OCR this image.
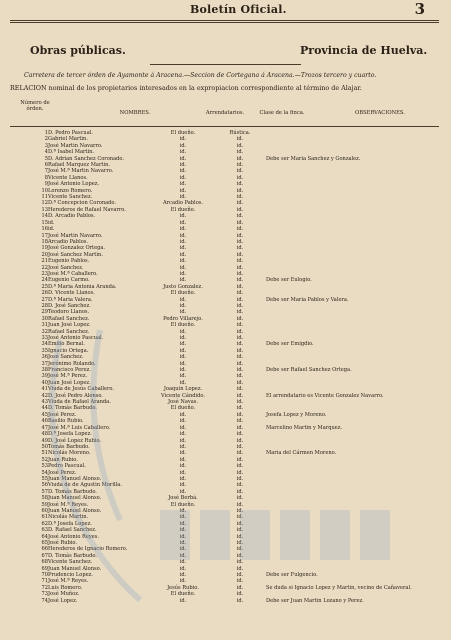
Boletín Oficial.	3
Obras públicas.	Provincia de Huelva.
Carretera de tercer órden de Ayamonte á Aracena.—Seccion de Cortegana á Aracena.—Trozos tercero y cuarto.
RELACION nominal de los propietarios interesados en la expropiacion correspondiente al término de Alajar.
Número de órden.
NOMBRES.	Arrendatarios.	Clase de la finca.	OBSERVACIONES.
1	D. Pedro Pascual.	El dueño.	Rústica.	
2	Gabriel Martin.	id.	id.	
3	José Martin Navarro.	id.	id.	
4	D.ª Isabel Martin.	id.	id.	
5	D. Adrian Sanchez Coronado.	id.	id.	Debe ser Maria Sanchez y Gonzalez.
6	Rafael Marquez Martin.	id.	id.	
7	José M.ª Martin Navarro.	id.	id.	
8	Vicente Llanos.	id.	id.	
9	José Antonio Lopez.	id.	id.	
10	Lorenzo Romero.	id.	id.	
11	Vicente Sanchez.	id.	id.	
12	D.ª Concepcion Coronado.	Arcadio Pablos.	id.	
13	Herederos de Rafael Navarro.	El dueño.	id.	
14	D. Arcadio Pablos.	id.	id.	
15	id.	id.	id.	
16	id.	id.	id.	
17	José Martin Navarro.	id.	id.	
18	Arcadio Pablos.	id.	id.	
19	José Gonzalez Ortega.	id.	id.	
20	José Sanchez Martin.	id.	id.	
21	Eugenio Pablos.	id.	id.	
22	José Sanchez.	id.	id.	
23	José M.ª Caballero.	id.	id.	
24	Eugenio Carmo.	id.	id.	Debe ser Eulogio.
25	D.ª Maria Antonia Aranda.	Justo Gonzalez.	id.	
26	D. Vicente Llanos.	El dueño.	id.	
27	D.ª Maria Valera.	id.	id.	Debe ser Maria Pablos y Valera.
28	D. José Sanchez.	id.	id.	
29	Teodoro Llanos.	id.	id.	
30	Rafael Sanchez.	Pedro Villarejo.	id.	
31	Juan José Lopez.	El dueño.	id.	
32	Rafael Sanchez.	id.	id.	
33	José Antonio Pascual.	id.	id.	
34	Emilio Bernal.	id.	id.	Debe ser Emigdio.
35	Ignacio Ortega.	id.	id.	
36	José Sanchez.	id.	id.	
37	Jerónimo Rolando.	id.	id.	
38	Francisco Perez.	id.	id.	Debe ser Rafael Sanchez Ortega.
39	José M.ª Perez.	id.	id.	
40	Juan José Lopez.	id.	id.	
41	Viuda de Jesús Caballero.	Joaquin Lopez.	id.	
42	D. José Pedro Alonso.	Vicente Cándido.	id.	El arrendatario es Vicente Gonzalez Navarro.
43	Viuda de Rafael Aranda.	José Navas.	id.	
44	D. Tomás Barbudo.	El dueño.	id.	
45	José Perez.	id.	id.	Josefa Lopez y Moreno.
46	Basilio Rubio.	id.	id.	
47	José M.ª Luis Caballero.	id.	id.	Marcelino Martin y Marquez.
48	D.ª Josefa Lopez.	id.	id.	
49	D. José Lopez Rubio.	id.	id.	
50	Tomás Barbudo.	id.	id.	
51	Nicolás Moreno.	id.	id.	Maria del Cármen Moreno.
52	Juan Rubio.	id.	id.	
53	Pedro Pascual.	id.	id.	
54	José Perez.	id.	id.	
55	Juan Manuel Alonso.	id.	id.	
56	Viuda de de Agustin Morilla.	id.	id.	
57	D. Tomás Barbudo.	id.	id.	
58	Juan Manuel Alonso.	José Berbá.	id.	
59	José M.ª Reyes.	El dueño.	id.	
60	Juan Manuel Alonso.	id.	id.	
61	Nicolás Martin.	id.	id.	
62	D.ª Josefa Lopez.	id.	id.	
63	D. Rafael Sanchez.	id.	id.	
64	José Antonio Reyes.	id.	id.	
65	José Rubio.	id.	id.	
66	Herederos de Ignacio Romero.	id.	id.	
67	D. Tomás Barbudo.	id.	id.	
68	Vicente Sanchez.	id.	id.	
69	Juan Manuel Alonso.	id.	id.	
70	Prudencio Lopez.	id.	id.	Debe ser Fulgencio.
71	José M.ª Reyes.	id.	id.	
72	Luis Romero.	Jesús Rubio.	id.	Se duda si Ignacio Lopez y Martin, vecino de Cañaveral.
73	José Muñoz.	El dueño.	id.	
74	José Lopez.	id.	id.	Debe ser Juan Martin Lozano y Perez.
